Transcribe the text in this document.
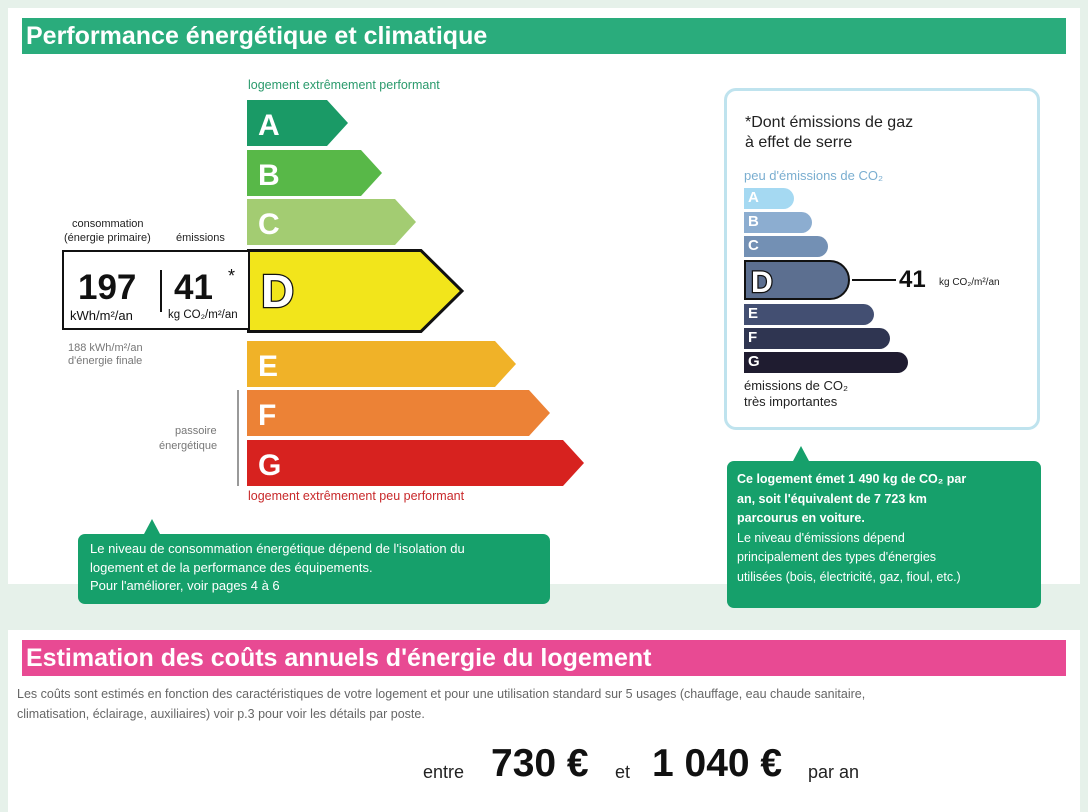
Performance énergétique et climatique
logement extrêmement performant
logement extrêmement peu performant
A
B
C
D
E
F
G
consommation
(énergie primaire) émissions
197
kWh/m²/an
41 *
kg CO₂/m²/an
188 kWh/m²/an
d'énergie finale
passoire
énergétique
Le niveau de consommation énergétique dépend de l'isolation du
logement et de la performance des équipements.
Pour l'améliorer, voir pages 4 à 6
*Dont émissions de gaz
à effet de serre
peu d'émissions de CO₂
A
B
C
D	41 kg CO₂/m²/an
E
F
G
émissions de CO₂
très importantes
Ce logement émet 1 490 kg de CO₂ par
an, soit l'équivalent de 7 723 km
parcourus en voiture.
Le niveau d'émissions dépend
principalement des types d'énergies
utilisées (bois, électricité, gaz, fioul, etc.)
Estimation des coûts annuels d'énergie du logement
Les coûts sont estimés en fonction des caractéristiques de votre logement et pour une utilisation standard sur 5 usages (chauffage, eau chaude sanitaire,
climatisation, éclairage, auxiliaires) voir p.3 pour voir les détails par poste.
entre 730 € et 1 040 € par an
